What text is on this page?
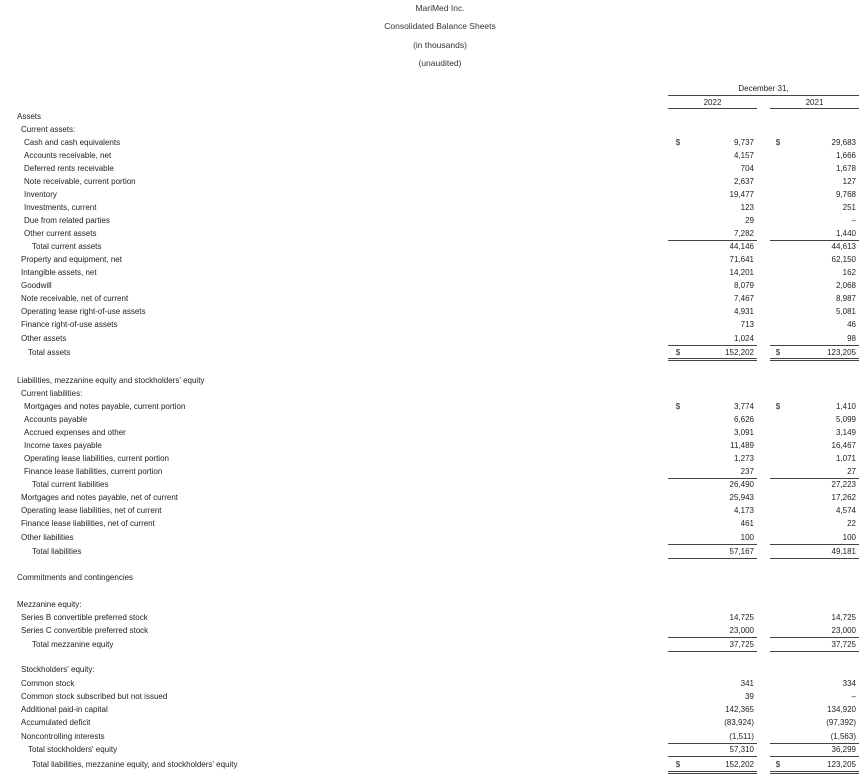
MariMed Inc.
Consolidated Balance Sheets
(in thousands)
(unaudited)
December 31,
2022	2021
Assets
Current assets:
Cash and cash equivalents	$	9,737	$	29,683
Accounts receivable, net	4,157	1,666
Deferred rents receivable	704	1,678
Note receivable, current portion	2,637	127
Inventory	19,477	9,768
Investments, current	123	251
Due from related parties	29	–
Other current assets	7,282	1,440
Total current assets	44,146	44,613
Property and equipment, net	71,641	62,150
Intangible assets, net	14,201	162
Goodwill	8,079	2,068
Note receivable, net of current	7,467	8,987
Operating lease right-of-use assets	4,931	5,081
Finance right-of-use assets	713	46
Other assets	1,024	98
Total assets	$	152,202	$	123,205
Liabilities, mezzanine equity and stockholders' equity
Current liabilities:
Mortgages and notes payable, current portion	$	3,774	$	1,410
Accounts payable	6,626	5,099
Accrued expenses and other	3,091	3,149
Income taxes payable	11,489	16,467
Operating lease liabilities, current portion	1,273	1,071
Finance lease liabilities, current portion	237	27
Total current liabilities	26,490	27,223
Mortgages and notes payable, net of current	25,943	17,262
Operating lease liabilities, net of current	4,173	4,574
Finance lease liabilities, net of current	461	22
Other liabilities	100	100
Total liabilities	57,167	49,181
Commitments and contingencies
Mezzanine equity:
Series B convertible preferred stock	14,725	14,725
Series C convertible preferred stock	23,000	23,000
Total mezzanine equity	37,725	37,725
Stockholders' equity:
Common stock	341	334
Common stock subscribed but not issued	39	–
Additional paid-in capital	142,365	134,920
Accumulated deficit	(83,924)	(97,392)
Noncontrolling interests	(1,511)	(1,563)
Total stockholders' equity	57,310	36,299
Total liabilities, mezzanine equity, and stockholders' equity	$	152,202	$	123,205
